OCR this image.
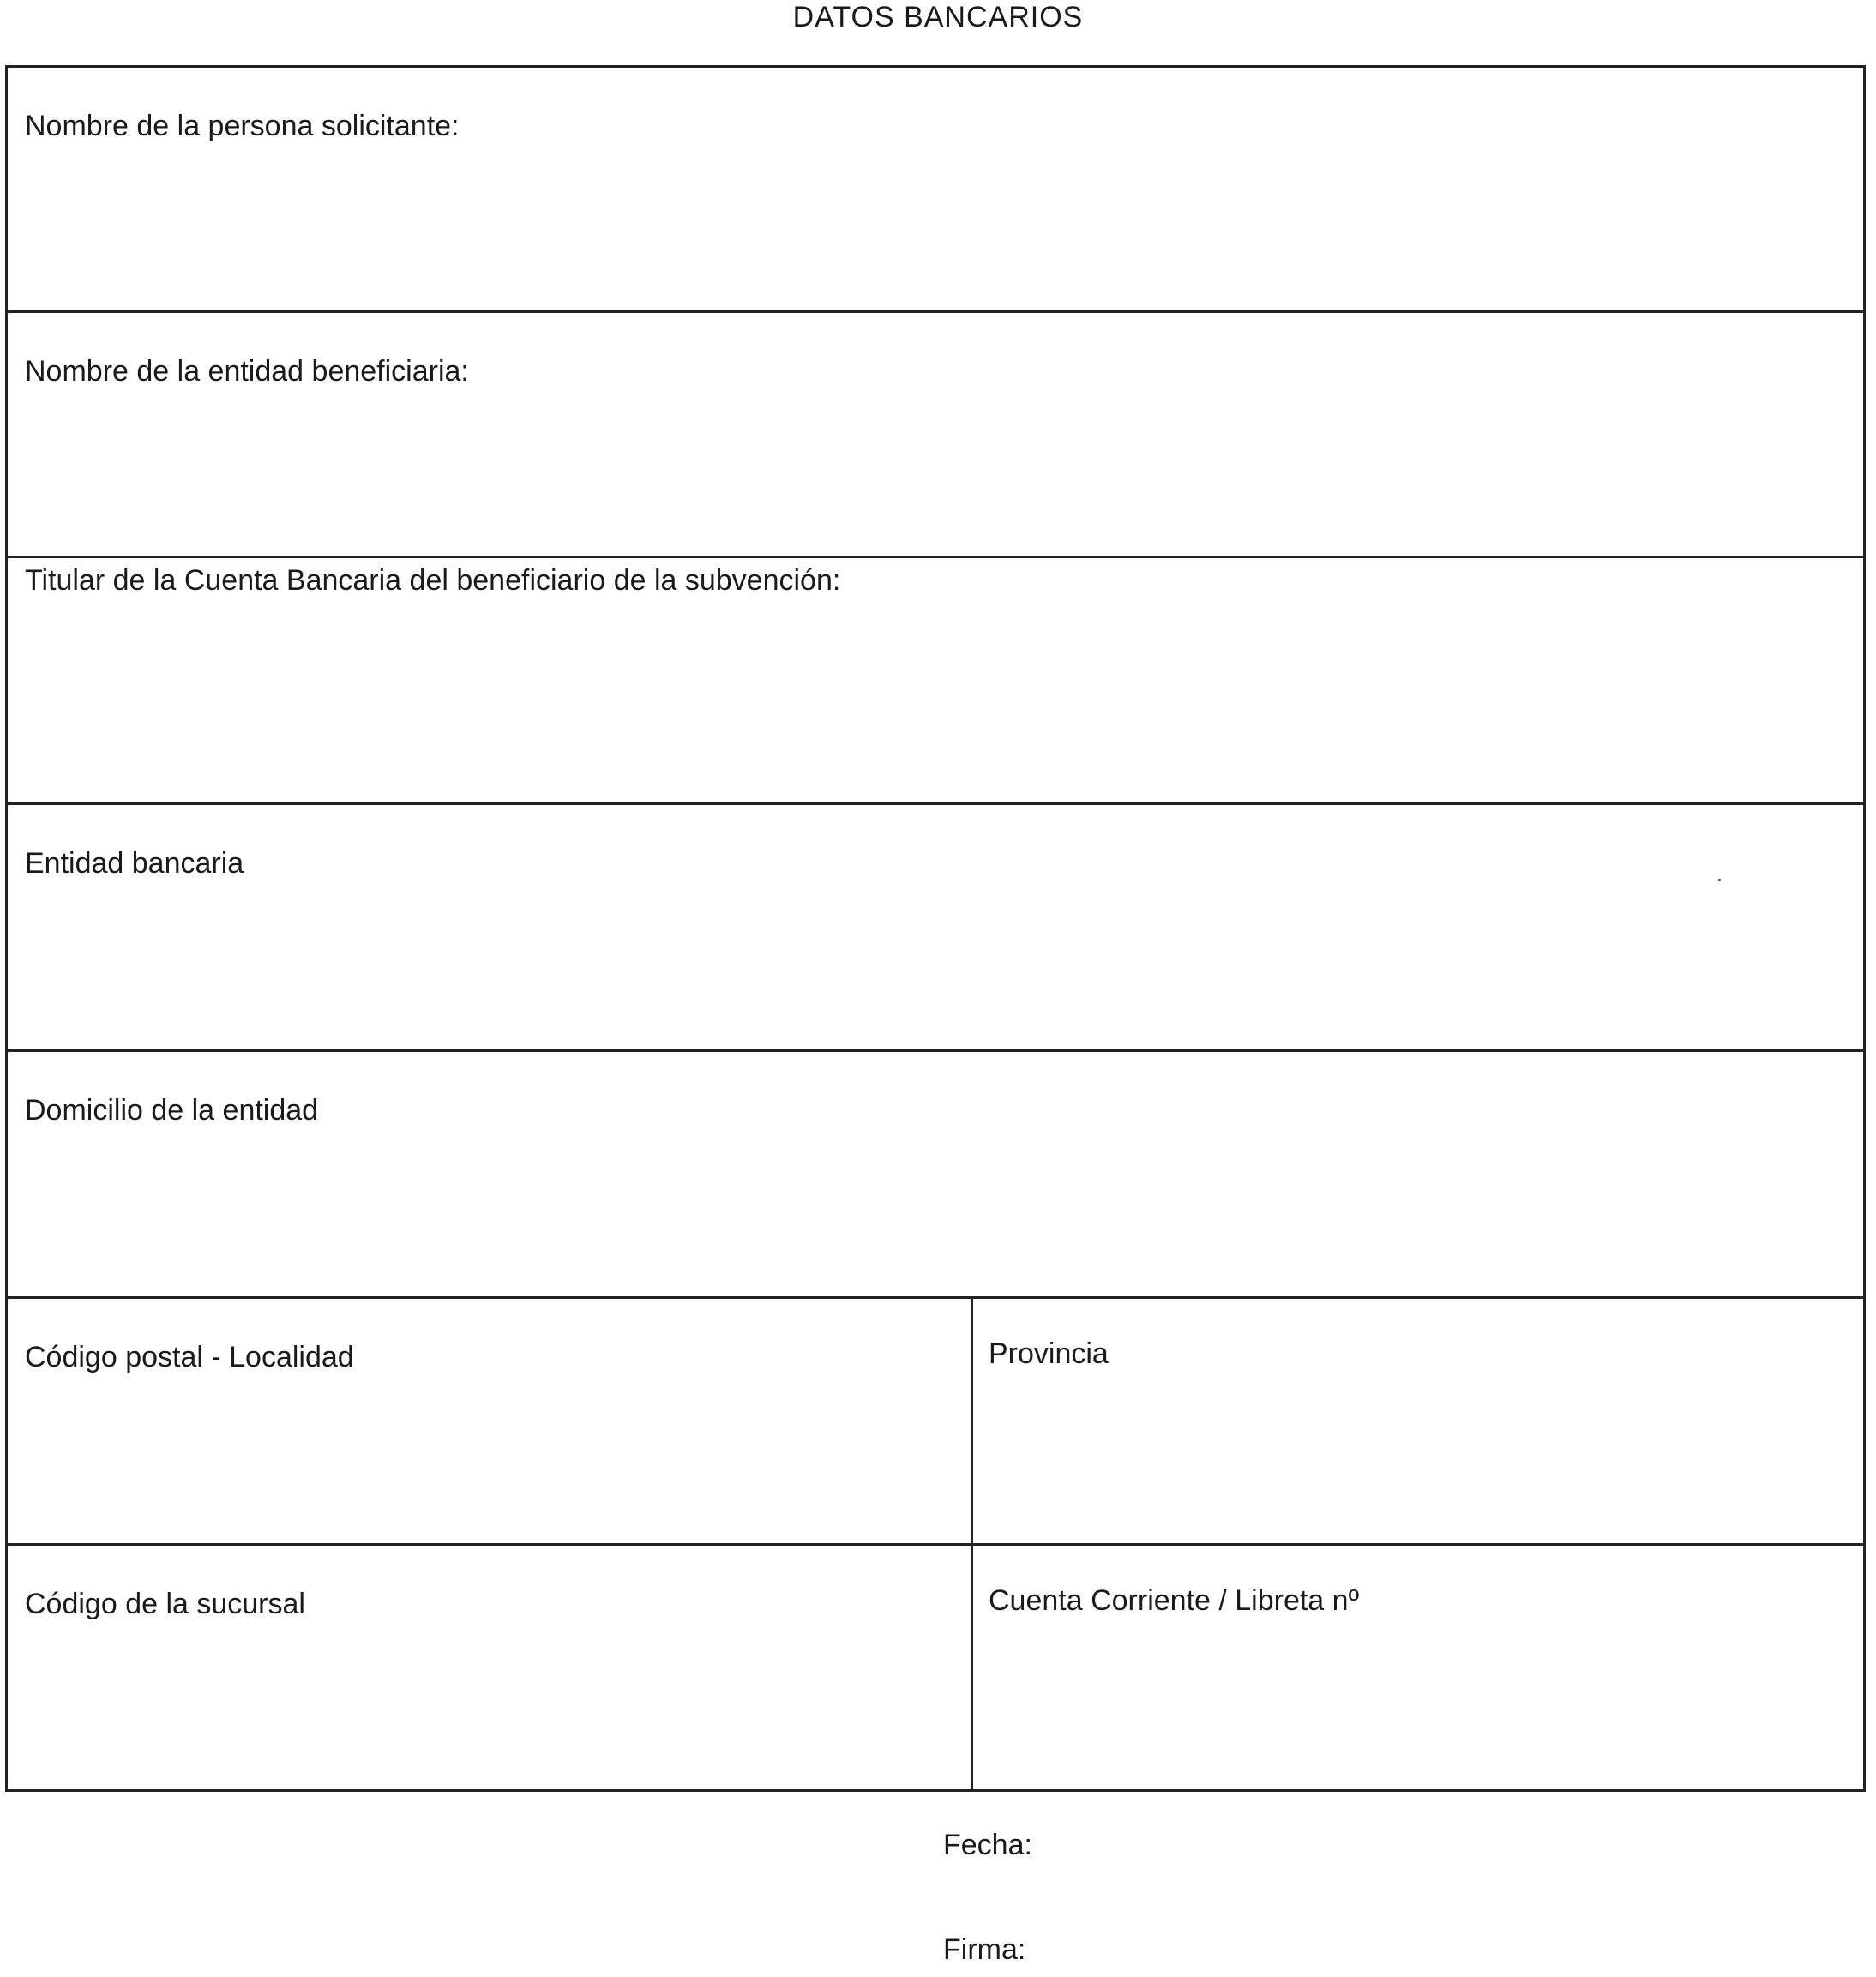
DATOS BANCARIOS
Nombre de la persona solicitante:
Nombre de la entidad beneficiaria:
Titular de la Cuenta Bancaria del beneficiario de la subvención:
Entidad bancaria
Domicilio de la entidad
Código postal - Localidad	Provincia
Código de la sucursal	Cuenta Corriente / Libreta nº
Fecha:
Firma:
